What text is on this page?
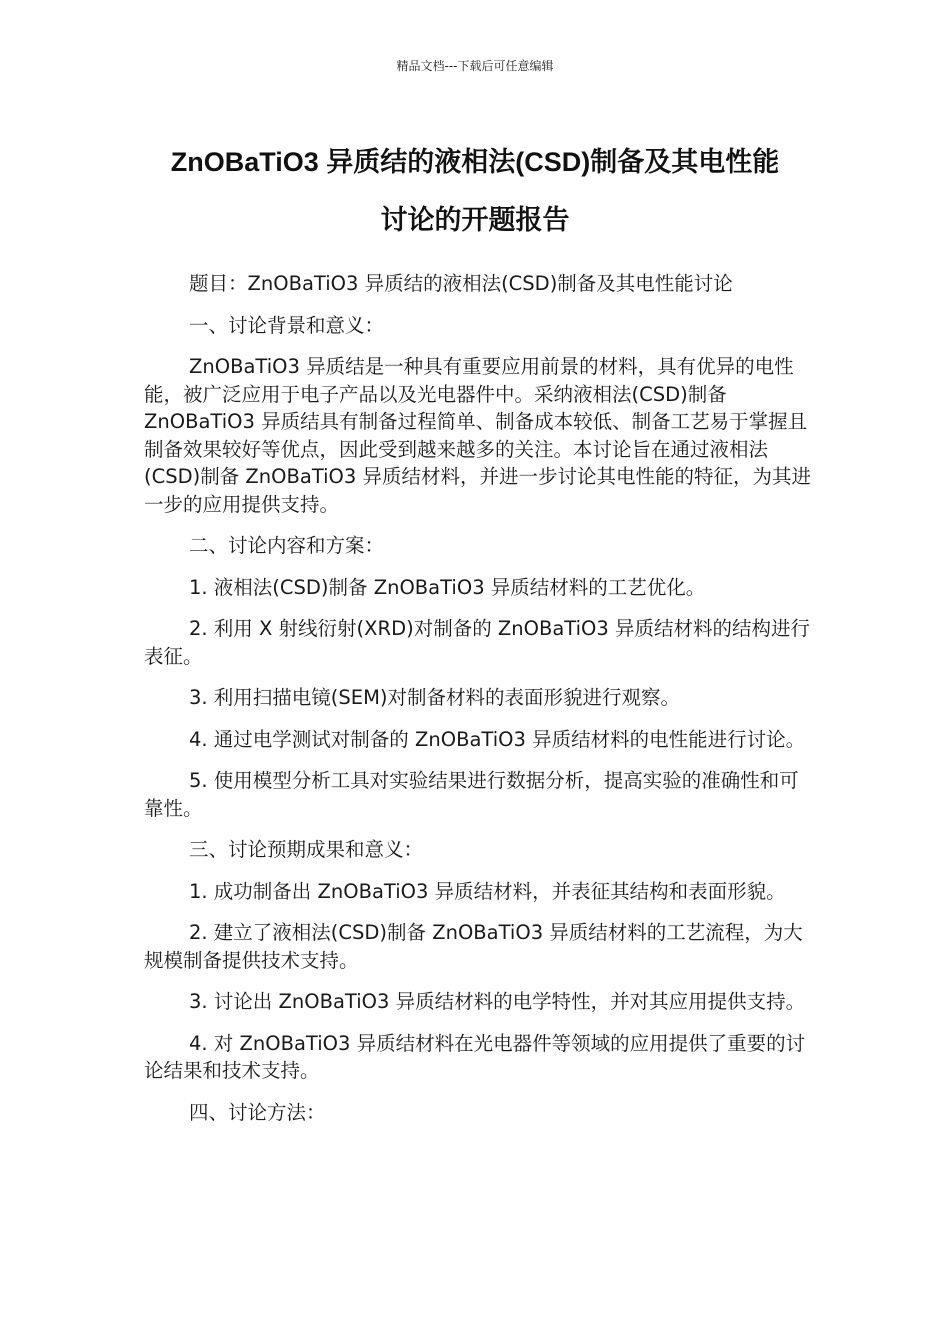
精品文档---下载后可任意编辑
ZnOBaTiO3 异质结的液相法(CSD)制备及其电性能
讨论的开题报告

题目：ZnOBaTiO3 异质结的液相法(CSD)制备及其电性能讨论

一、讨论背景和意义：

ZnOBaTiO3 异质结是一种具有重要应用前景的材料，具有优异的电性能，被广泛应用于电子产品以及光电器件中。采纳液相法(CSD)制备 ZnOBaTiO3 异质结具有制备过程简单、制备成本较低、制备工艺易于掌握且制备效果较好等优点，因此受到越来越多的关注。本讨论旨在通过液相法(CSD)制备 ZnOBaTiO3 异质结材料，并进一步讨论其电性能的特征，为其进一步的应用提供支持。

二、讨论内容和方案：

1. 液相法(CSD)制备 ZnOBaTiO3 异质结材料的工艺优化。

2. 利用 X 射线衍射(XRD)对制备的 ZnOBaTiO3 异质结材料的结构进行表征。

3. 利用扫描电镜(SEM)对制备材料的表面形貌进行观察。

4. 通过电学测试对制备的 ZnOBaTiO3 异质结材料的电性能进行讨论。

5. 使用模型分析工具对实验结果进行数据分析，提高实验的准确性和可靠性。

三、讨论预期成果和意义：

1. 成功制备出 ZnOBaTiO3 异质结材料，并表征其结构和表面形貌。

2. 建立了液相法(CSD)制备 ZnOBaTiO3 异质结材料的工艺流程，为大规模制备提供技术支持。

3. 讨论出 ZnOBaTiO3 异质结材料的电学特性，并对其应用提供支持。

4. 对 ZnOBaTiO3 异质结材料在光电器件等领域的应用提供了重要的讨论结果和技术支持。

四、讨论方法：
